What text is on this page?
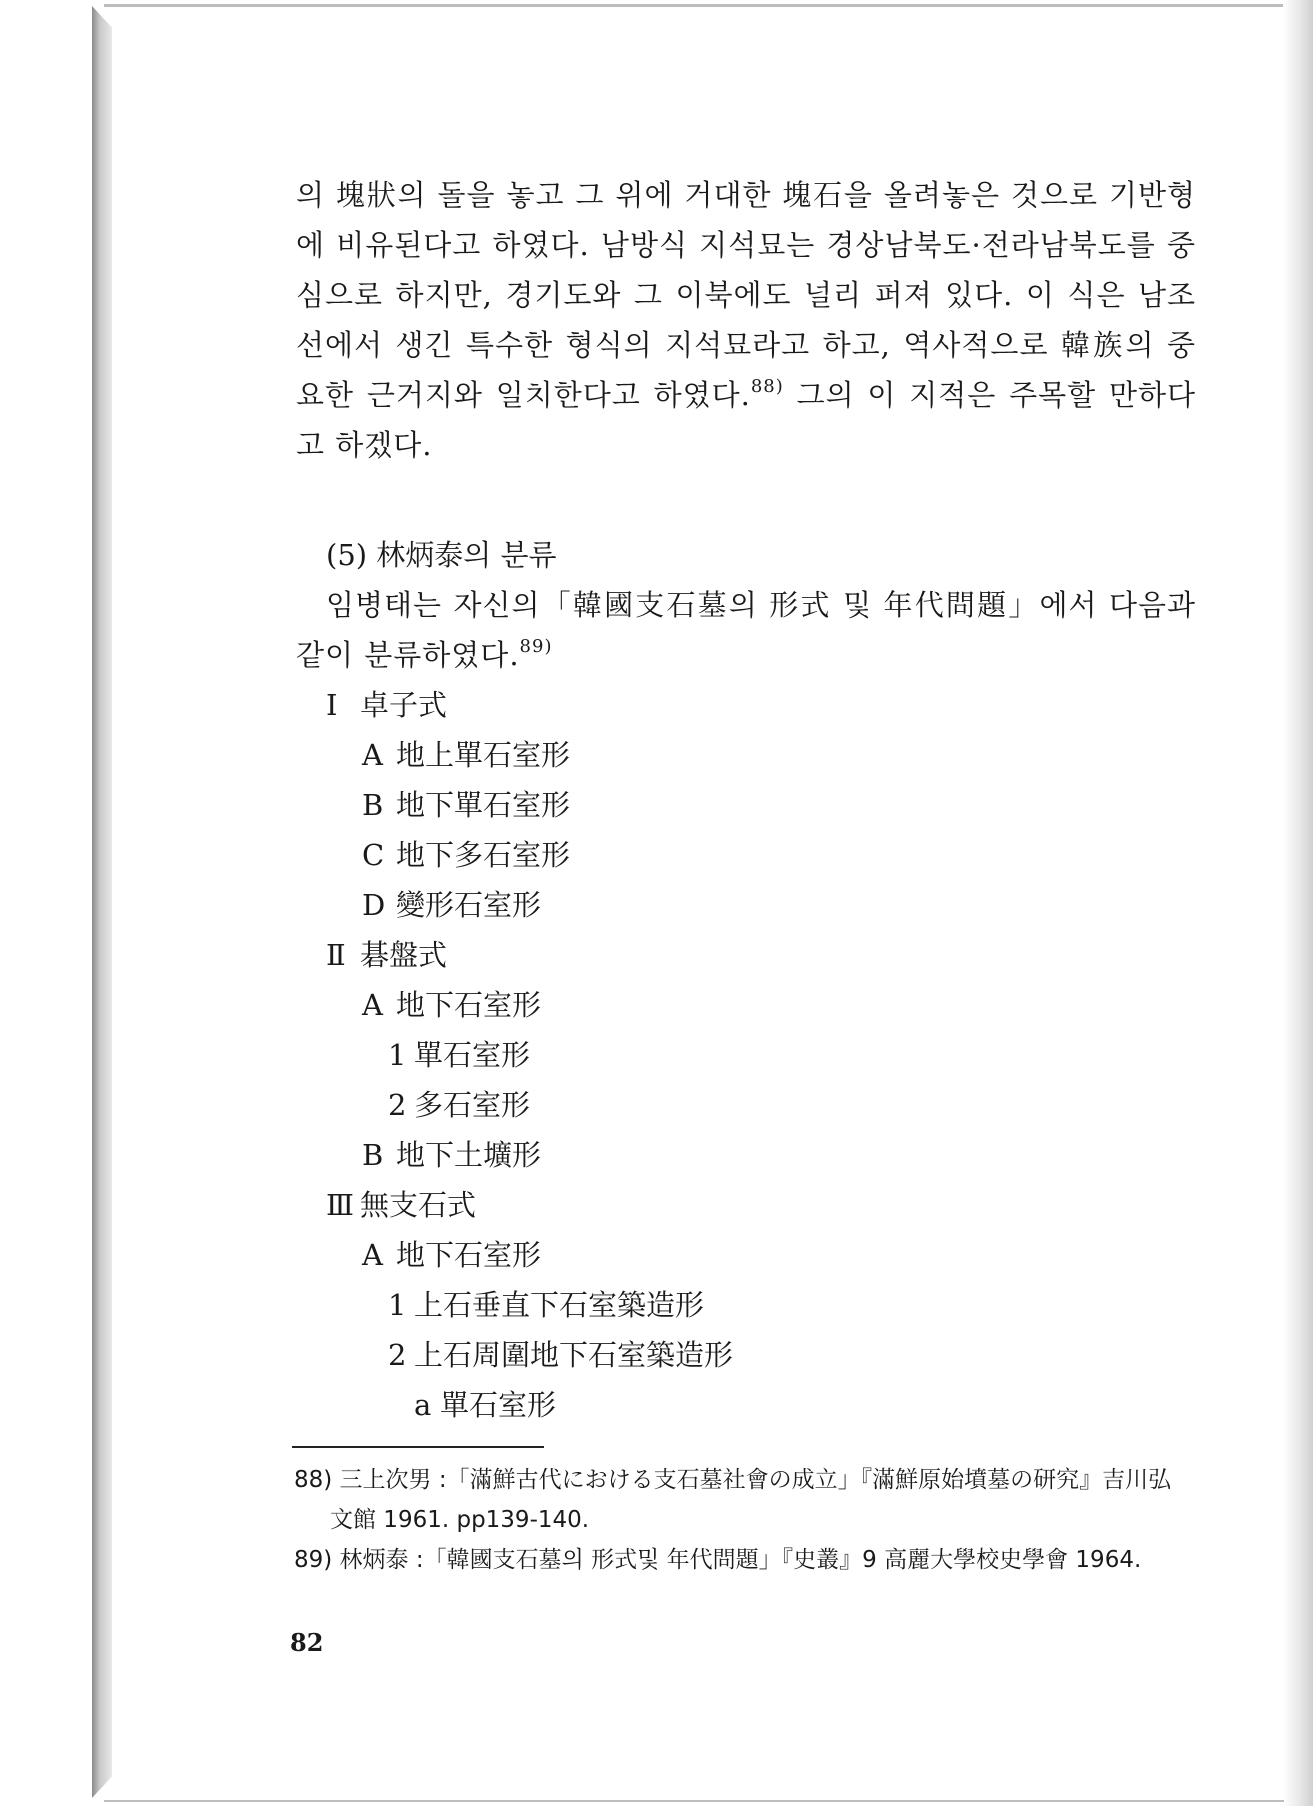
의 塊狀의 돌을 놓고 그 위에 거대한 塊石을 올려놓은 것으로 기반형에 비유된다고 하였다. 남방식 지석묘는 경상남북도·전라남북도를 중심으로 하지만, 경기도와 그 이북에도 널리 퍼져 있다. 이 식은 남조선에서 생긴 특수한 형식의 지석묘라고 하고, 역사적으로 韓族의 중요한 근거지와 일치한다고 하였다.$^{88)}$ 그의 이 지적은 주목할 만하다고 하겠다.

(5) 林炳泰의 분류

임병태는 자신의「韓國支石墓의 形式 및 年代問題」에서 다음과 같이 분류하였다.$^{89)}$

Ⅰ 卓子式
A 地上單石室形
B 地下單石室形
C 地下多石室形
D 變形石室形
Ⅱ 碁盤式
A 地下石室形
1 單石室形
2 多石室形
B 地下土壙形
Ⅲ 無支石式
A 地下石室形
1 上石垂直下石室築造形
2 上石周圍地下石室築造形
a 單石室形

88) 三上次男 :「滿鮮古代における支石墓社會の成立」『滿鮮原始墳墓の研究』吉川弘

文館 1961. pp139-140.

89) 林炳泰 :「韓國支石墓의 形式및 年代問題」『史叢』9 高麗大學校史學會 1964.

82
